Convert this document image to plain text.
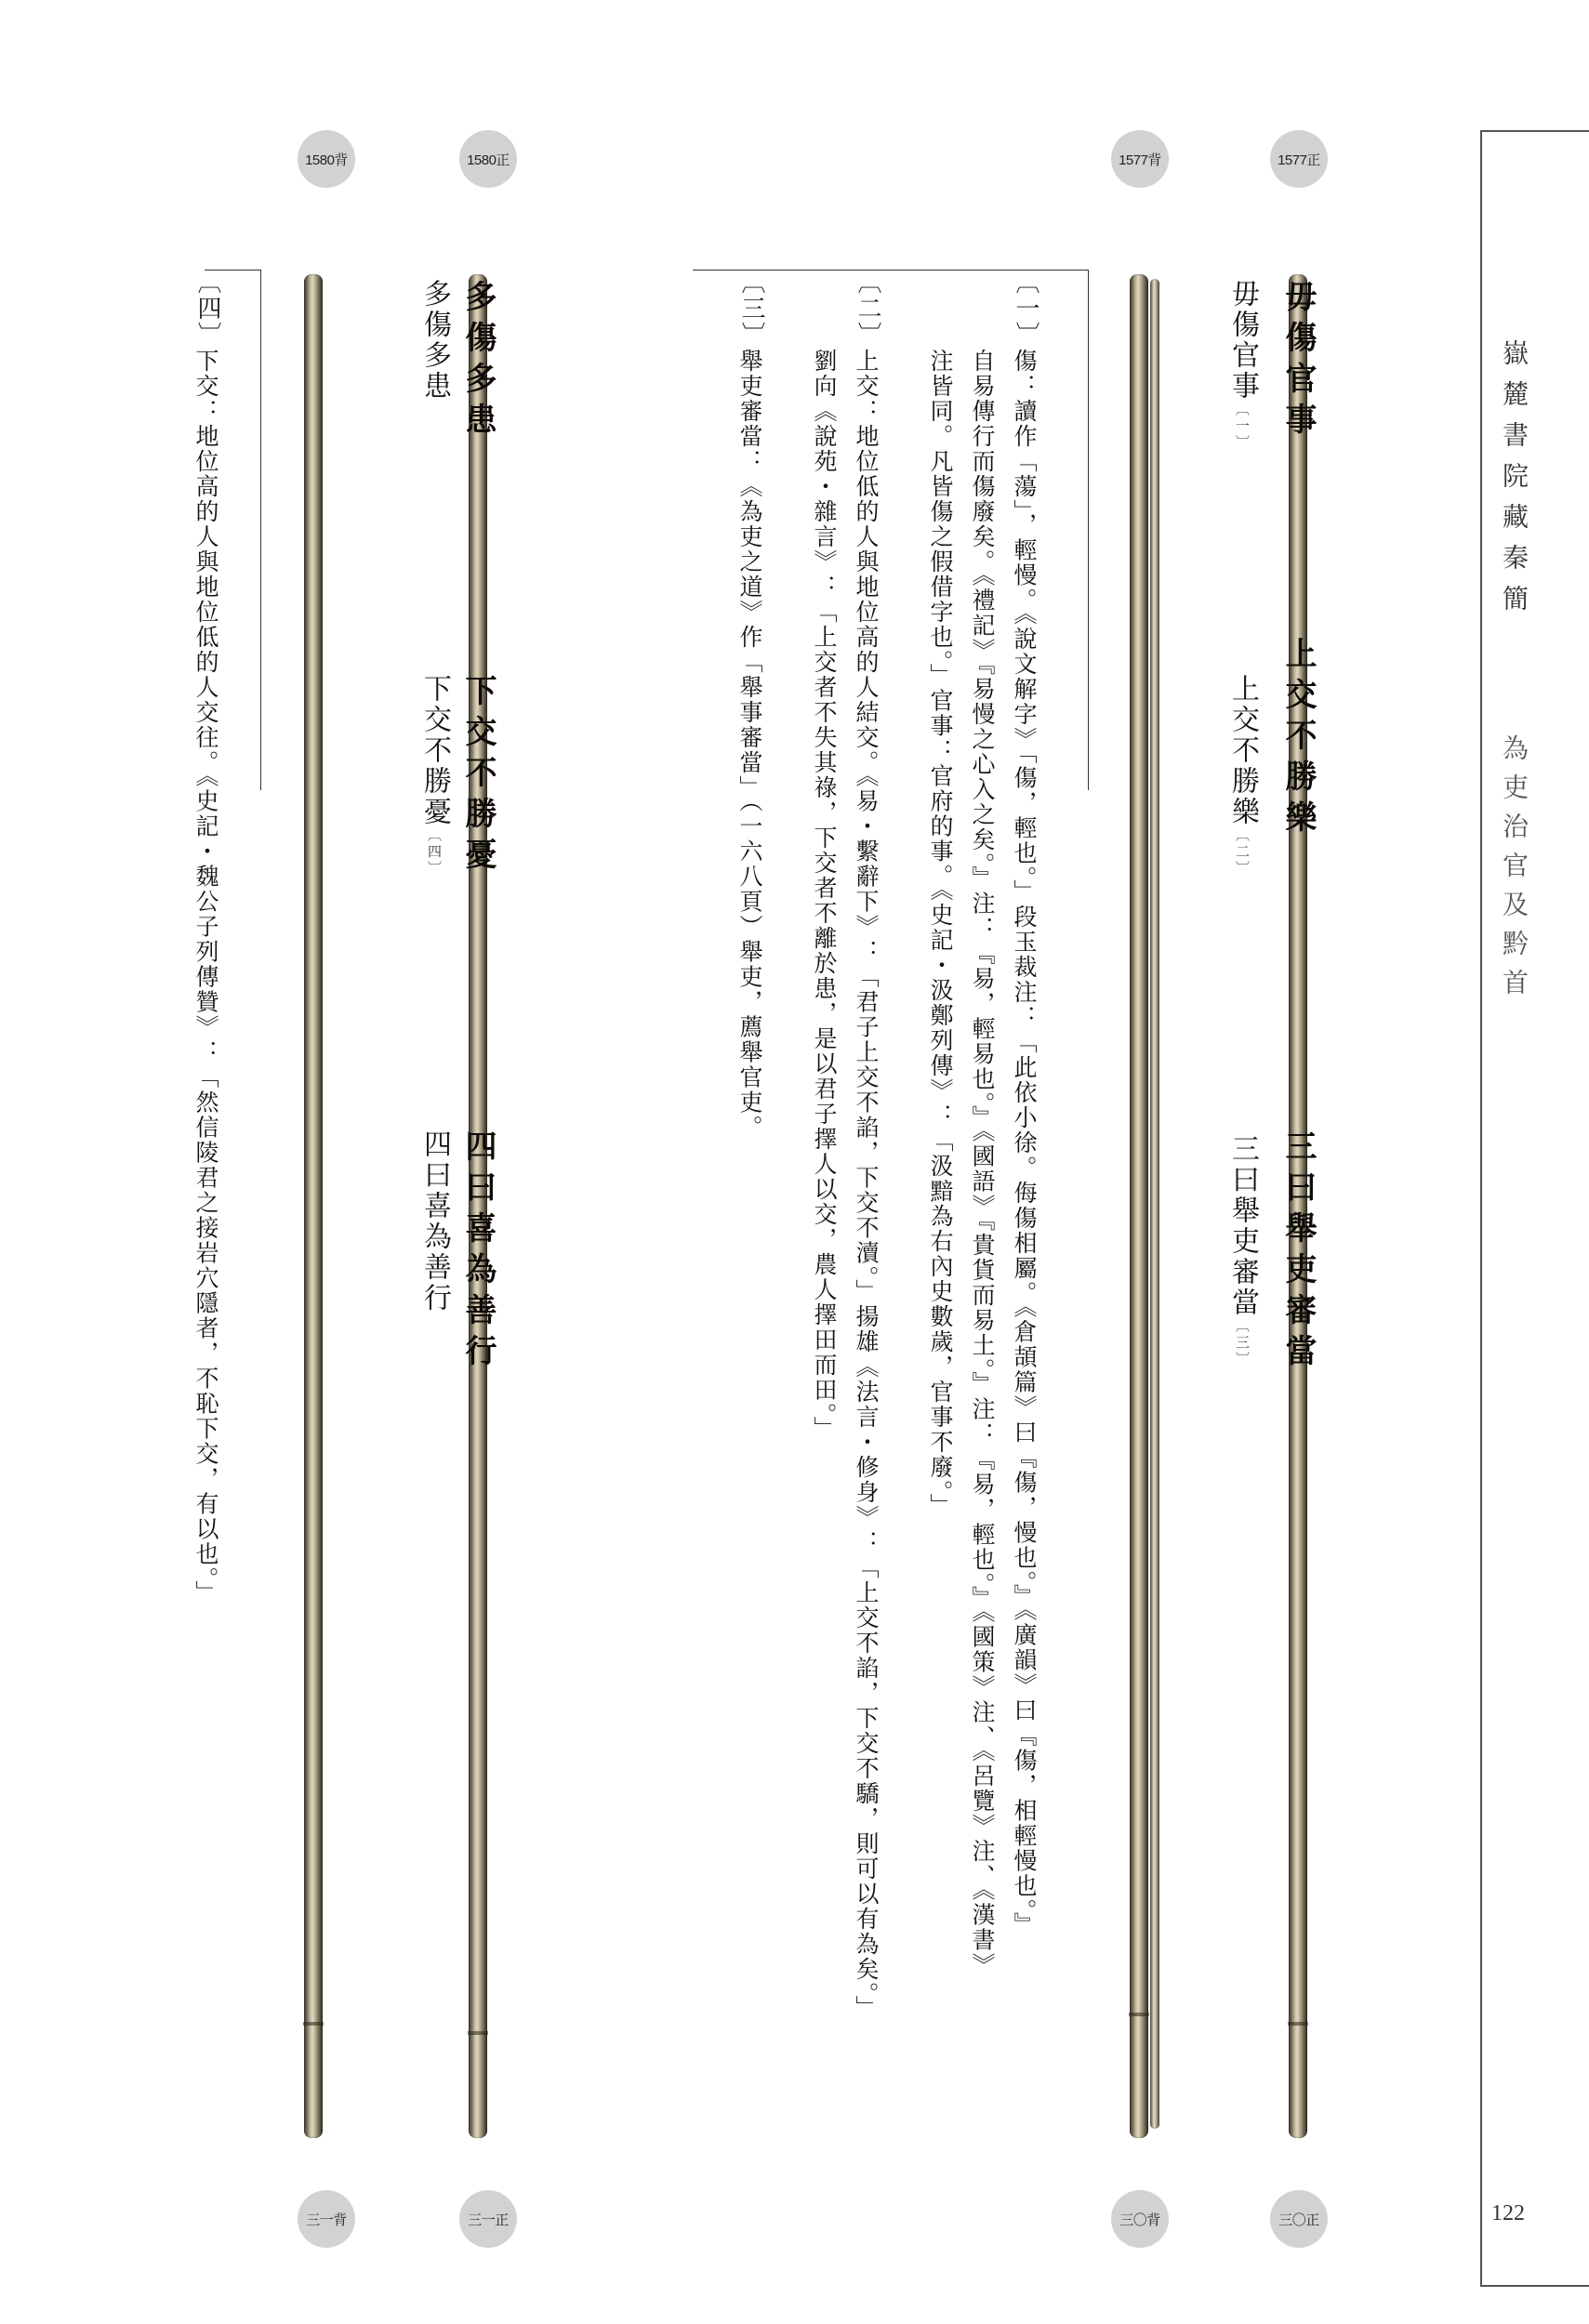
嶽麓書院藏秦簡
為吏治官及黔首
122
1580背	1580正	1577背	1577正
三一背	三一正	三〇背	三〇正
毋傷官事
上交不勝樂
三曰舉吏審當
多傷多患
下交不勝憂
四曰喜為善行
毋傷官事〔一〕
上交不勝樂〔二〕
三曰舉吏審當〔三〕
多傷多患
下交不勝憂〔四〕
四曰喜為善行
〔一〕
傷：讀作「蕩」，輕慢。《說文解字》「傷，輕也。」段玉裁注：「此依小徐。侮傷相屬。《倉頡篇》曰『傷，慢也。』《廣韻》曰『傷，相輕慢也。』
自易傳行而傷廢矣。《禮記》『易慢之心入之矣。』注：『易，輕易也。』《國語》『貴貨而易土。』注：『易，輕也。』《國策》注、《呂覽》注、《漢書》
注皆同。凡皆傷之假借字也。」官事：官府的事。《史記・汲鄭列傳》：「汲黯為右內史數歲，官事不廢。」
〔二〕
上交：地位低的人與地位高的人結交。《易・繫辭下》：「君子上交不諂，下交不瀆。」揚雄《法言・修身》：「上交不諂，下交不驕，則可以有為矣。」
劉向《說苑・雜言》：「上交者不失其祿，下交者不離於患，是以君子擇人以交，農人擇田而田。」
〔三〕
舉吏審當：《為吏之道》作「舉事審當」（一六八頁）舉吏，薦舉官吏。
〔四〕
下交：地位高的人與地位低的人交往。《史記・魏公子列傳贊》：「然信陵君之接岩穴隱者，不恥下交，有以也。」
